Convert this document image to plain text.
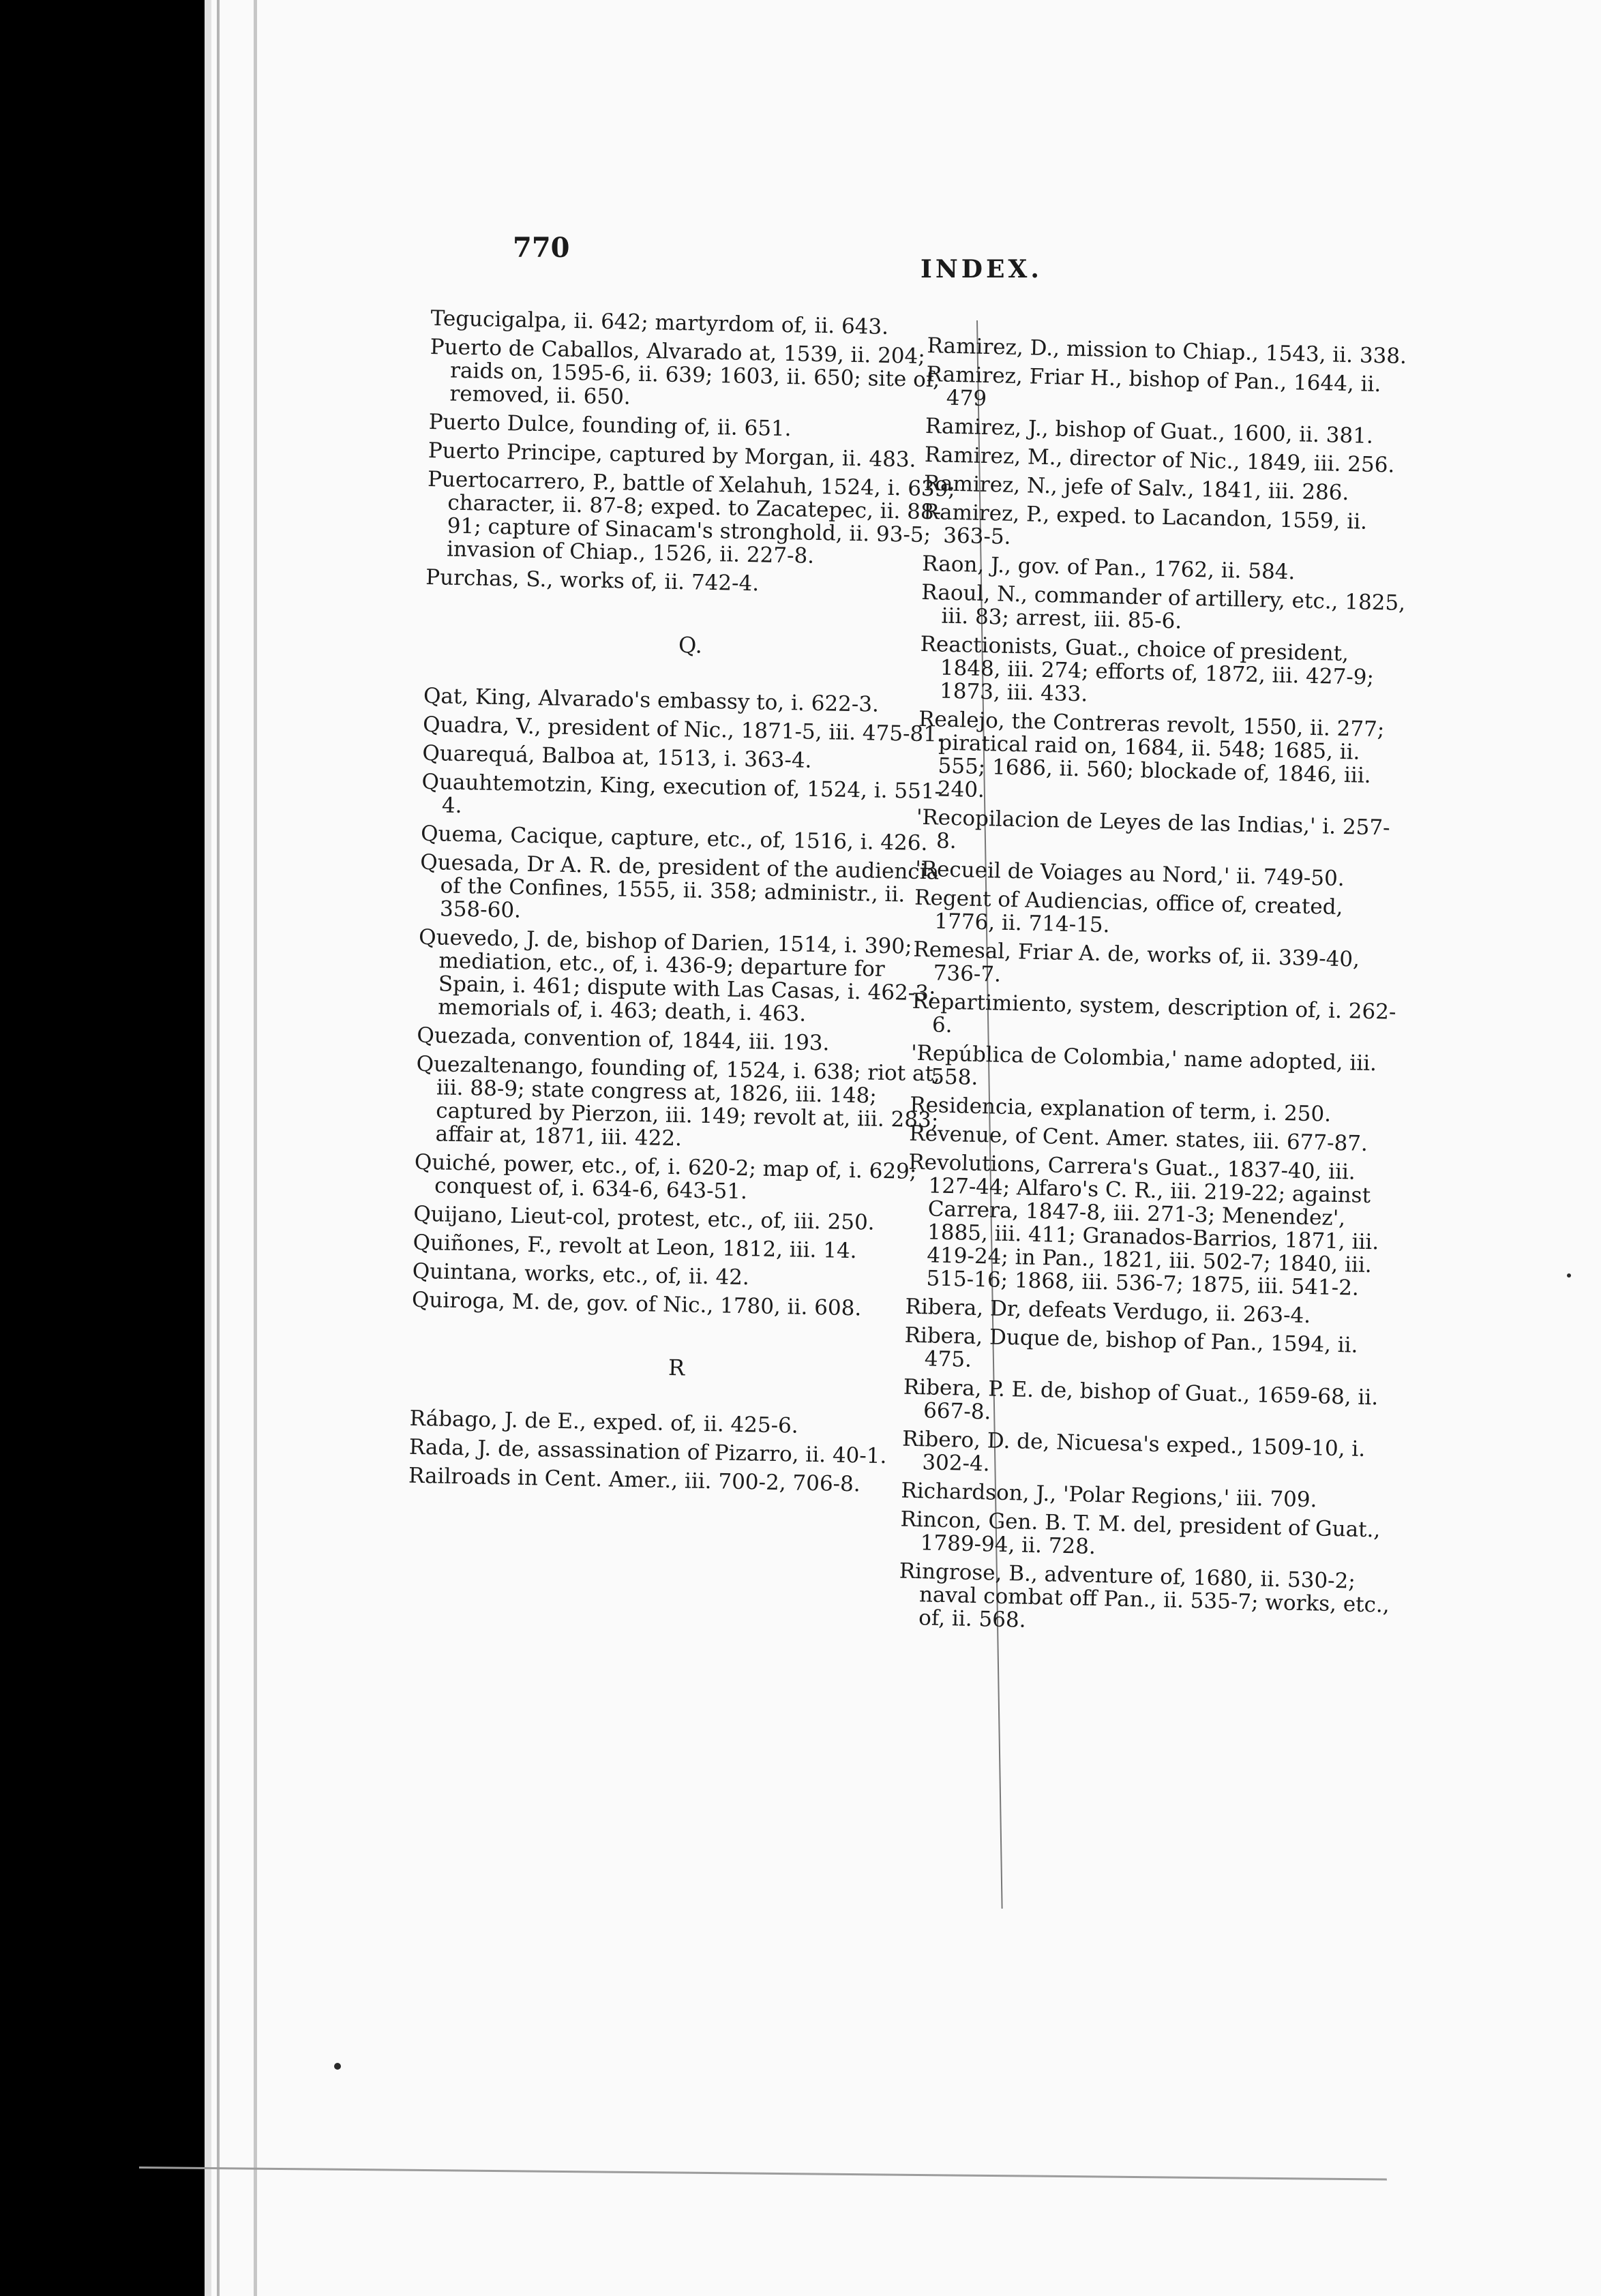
770
INDEX.
Tegucigalpa, ii. 642; martyrdom of, ii. 643.
Puerto de Caballos, Alvarado at, 1539, ii. 204; raids on, 1595-6, ii. 639; 1603, ii. 650; site of, removed, ii. 650.
Puerto Dulce, founding of, ii. 651.
Puerto Principe, captured by Morgan, ii. 483.
Puertocarrero, P., battle of Xelahuh, 1524, i. 639; character, ii. 87-8; exped. to Zacatepec, ii. 88-91; capture of Sinacam's stronghold, ii. 93-5; invasion of Chiap., 1526, ii. 227-8.
Purchas, S., works of, ii. 742-4.
Q.
Qat, King, Alvarado's embassy to, i. 622-3.
Quadra, V., president of Nic., 1871-5, iii. 475-81.
Quarequá, Balboa at, 1513, i. 363-4.
Quauhtemotzin, King, execution of, 1524, i. 551-4.
Quema, Cacique, capture, etc., of, 1516, i. 426.
Quesada, Dr A. R. de, president of the audiencia of the Confines, 1555, ii. 358; administr., ii. 358-60.
Quevedo, J. de, bishop of Darien, 1514, i. 390; mediation, etc., of, i. 436-9; departure for Spain, i. 461; dispute with Las Casas, i. 462-3; memorials of, i. 463; death, i. 463.
Quezada, convention of, 1844, iii. 193.
Quezaltenango, founding of, 1524, i. 638; riot at, iii. 88-9; state congress at, 1826, iii. 148; captured by Pierzon, iii. 149; revolt at, iii. 283; affair at, 1871, iii. 422.
Quiché, power, etc., of, i. 620-2; map of, i. 629; conquest of, i. 634-6, 643-51.
Quijano, Lieut-col, protest, etc., of, iii. 250.
Quiñones, F., revolt at Leon, 1812, iii. 14.
Quintana, works, etc., of, ii. 42.
Quiroga, M. de, gov. of Nic., 1780, ii. 608.
R
Rábago, J. de E., exped. of, ii. 425-6.
Rada, J. de, assassination of Pizarro, ii. 40-1.
Railroads in Cent. Amer., iii. 700-2, 706-8.
Ramirez, D., mission to Chiap., 1543, ii. 338.
Ramirez, Friar H., bishop of Pan., 1644, ii. 479
Ramirez, J., bishop of Guat., 1600, ii. 381.
Ramirez, M., director of Nic., 1849, iii. 256.
Ramirez, N., jefe of Salv., 1841, iii. 286.
Ramirez, P., exped. to Lacandon, 1559, ii. 363-5.
Raon, J., gov. of Pan., 1762, ii. 584.
Raoul, N., commander of artillery, etc., 1825, iii. 83; arrest, iii. 85-6.
Reactionists, Guat., choice of president, 1848, iii. 274; efforts of, 1872, iii. 427-9; 1873, iii. 433.
Realejo, the Contreras revolt, 1550, ii. 277; piratical raid on, 1684, ii. 548; 1685, ii. 555; 1686, ii. 560; blockade of, 1846, iii. 240.
'Recopilacion de Leyes de las Indias,' i. 257-8.
'Recueil de Voiages au Nord,' ii. 749-50.
Regent of Audiencias, office of, created, 1776, ii. 714-15.
Remesal, Friar A. de, works of, ii. 339-40, 736-7.
Repartimiento, system, description of, i. 262-6.
'República de Colombia,' name adopted, iii. 558.
Residencia, explanation of term, i. 250.
Revenue, of Cent. Amer. states, iii. 677-87.
Revolutions, Carrera's Guat., 1837-40, iii. 127-44; Alfaro's C. R., iii. 219-22; against Carrera, 1847-8, iii. 271-3; Menendez', 1885, iii. 411; Granados-Barrios, 1871, iii. 419-24; in Pan., 1821, iii. 502-7; 1840, iii. 515-16; 1868, iii. 536-7; 1875, iii. 541-2.
Ribera, Dr, defeats Verdugo, ii. 263-4.
Ribera, Duque de, bishop of Pan., 1594, ii. 475.
Ribera, P. E. de, bishop of Guat., 1659-68, ii. 667-8.
Ribero, D. de, Nicuesa's exped., 1509-10, i. 302-4.
Richardson, J., 'Polar Regions,' iii. 709.
Rincon, Gen. B. T. M. del, president of Guat., 1789-94, ii. 728.
Ringrose, B., adventure of, 1680, ii. 530-2; naval combat off Pan., ii. 535-7; works, etc., of, ii. 568.
